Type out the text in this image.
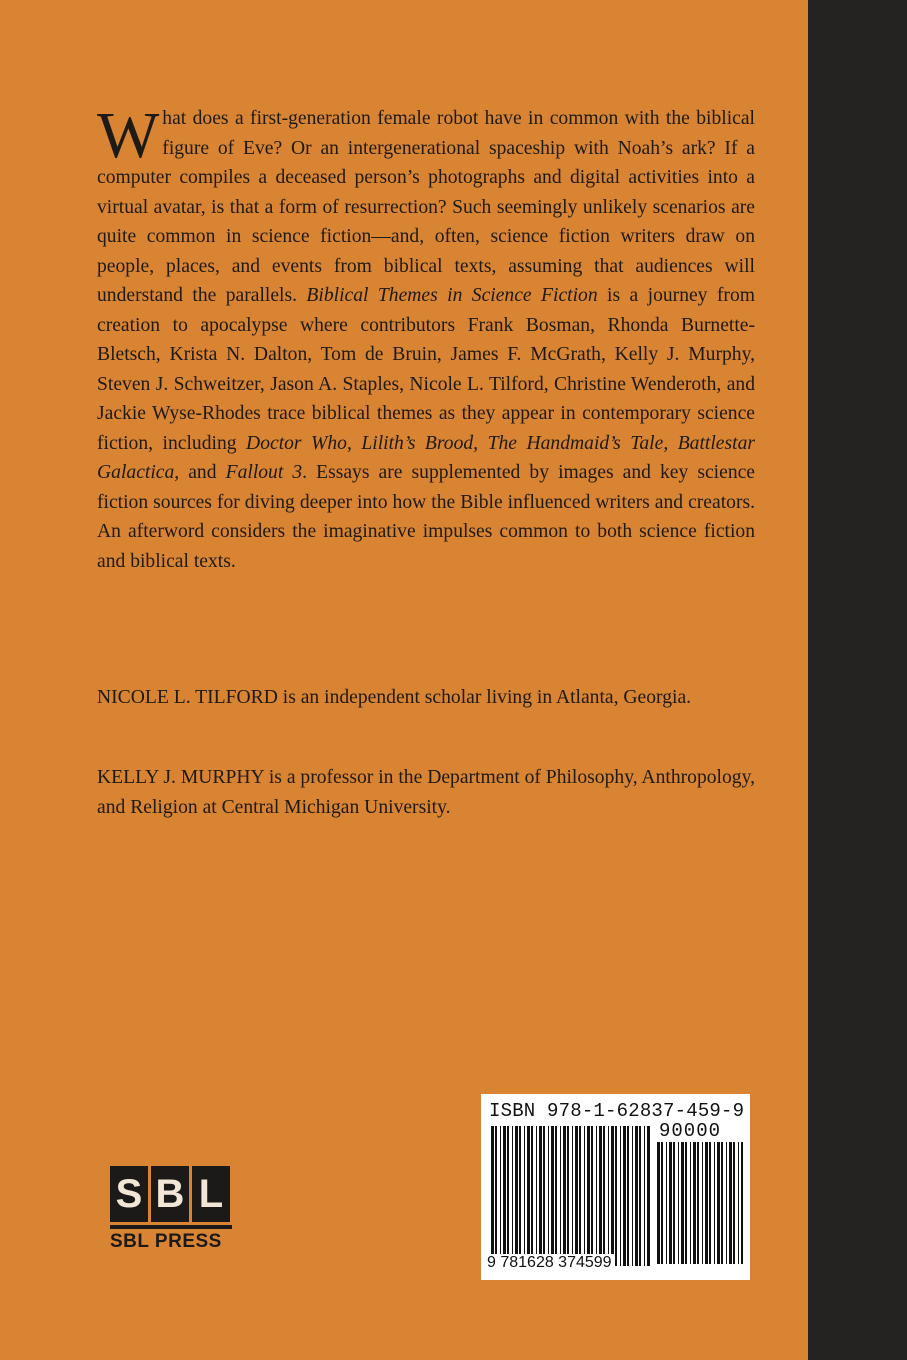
What does a first-generation female robot have in common with the biblical figure of Eve? Or an intergenerational spaceship with Noah’s ark? If a computer compiles a deceased person’s photographs and digital activities into a virtual avatar, is that a form of resurrection? Such seemingly unlikely scenarios are quite common in science fiction—and, often, science fiction writers draw on people, places, and events from biblical texts, assuming that audiences will understand the parallels. Biblical Themes in Science Fiction is a journey from creation to apocalypse where contributors Frank Bosman, Rhonda Burnette-Bletsch, Krista N. Dalton, Tom de Bruin, James F. McGrath, Kelly J. Murphy, Steven J. Schweitzer, Jason A. Staples, Nicole L. Tilford, Christine Wenderoth, and Jackie Wyse-Rhodes trace biblical themes as they appear in contemporary science fiction, including Doctor Who, Lilith’s Brood, The Handmaid’s Tale, Battlestar Galactica, and Fallout 3. Essays are supplemented by images and key science fiction sources for diving deeper into how the Bible influenced writers and creators. An afterword considers the imaginative impulses common to both science fiction and biblical texts.

NICOLE L. TILFORD is an independent scholar living in Atlanta, Georgia.

KELLY J. MURPHY is a professor in the Department of Philosophy, Anthropology, and Religion at Central Michigan University.

S B L
SBL PRESS
ISBN 978-1-62837-459-9
90000
9 781628 374599
